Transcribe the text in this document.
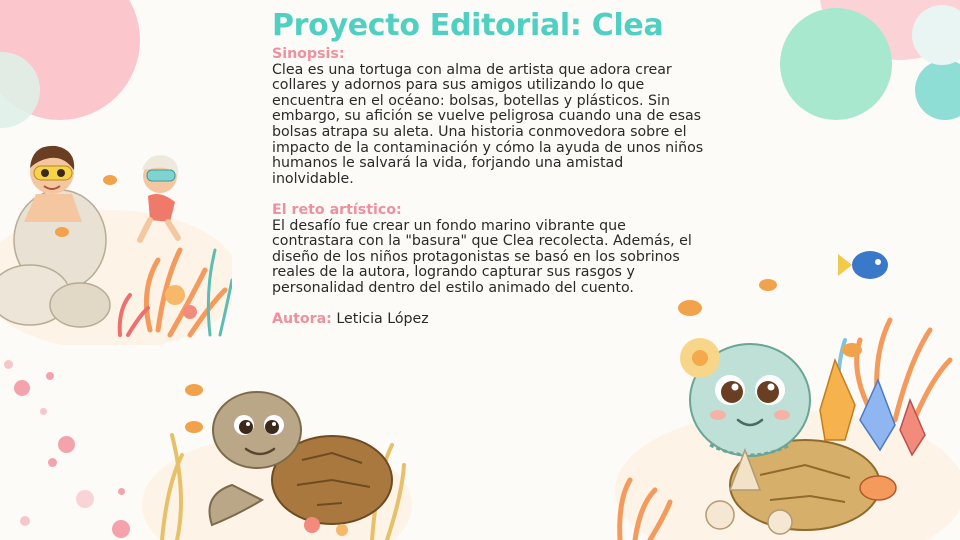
Proyecto Editorial: Clea
Sinopsis:

Clea es una tortuga con alma de artista que adora crear collares y adornos para sus amigos utilizando lo que encuentra en el océano: bolsas, botellas y plásticos. Sin embargo, su afición se vuelve peligrosa cuando una de esas bolsas atrapa su aleta. Una historia conmovedora sobre el impacto de la contaminación y cómo la ayuda de unos niños humanos le salvará la vida, forjando una amistad inolvidable.

El reto artístico:

El desafío fue crear un fondo marino vibrante que contrastara con la "basura" que Clea recolecta. Además, el diseño de los niños protagonistas se basó en los sobrinos reales de la autora, logrando capturar sus rasgos y personalidad dentro del estilo animado del cuento.

Autora: Leticia López
